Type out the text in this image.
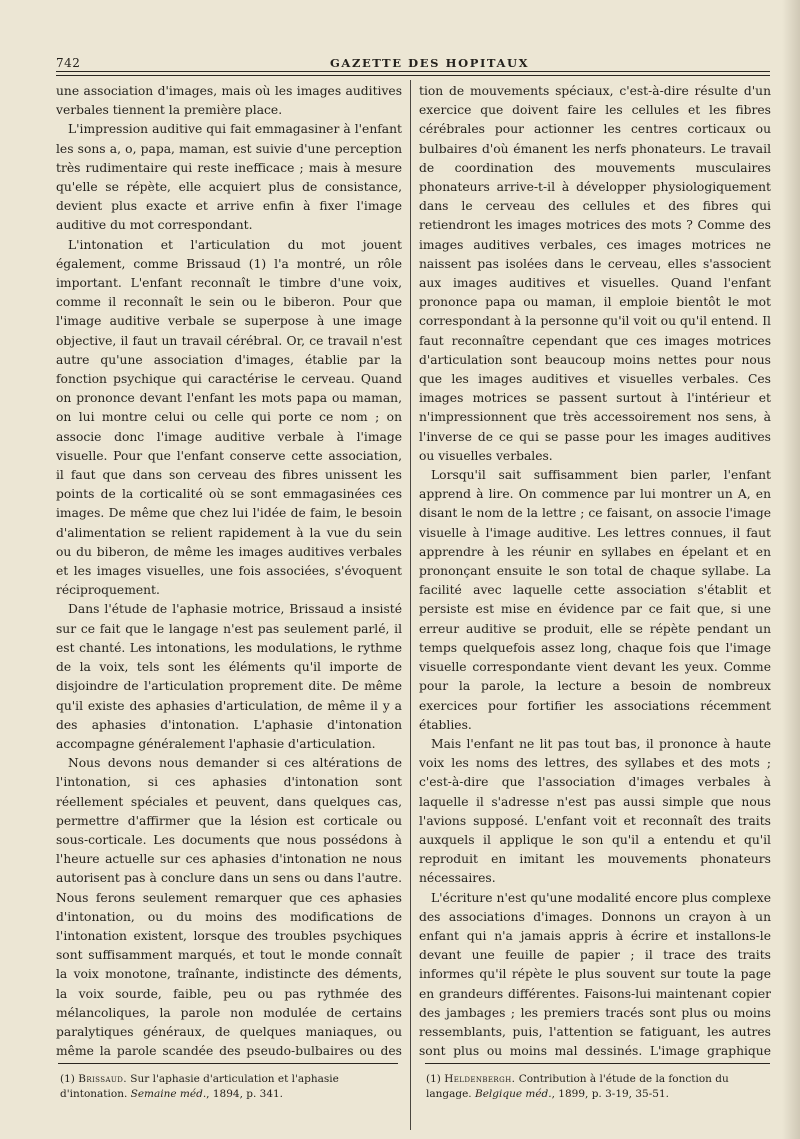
742	GAZETTE DES HOPITAUX

une association d'images, mais où les images auditives verbales tiennent la première place.

L'impression auditive qui fait emmagasiner à l'enfant les sons a, o, papa, maman, est suivie d'une perception très rudimentaire qui reste inefficace ; mais à mesure qu'elle se répète, elle acquiert plus de consistance, devient plus exacte et arrive enfin à fixer l'image auditive du mot correspondant.

L'intonation et l'articulation du mot jouent également, comme Brissaud (1) l'a montré, un rôle important. L'enfant reconnaît le timbre d'une voix, comme il reconnaît le sein ou le biberon. Pour que l'image auditive verbale se superpose à une image objective, il faut un travail cérébral. Or, ce travail n'est autre qu'une association d'images, établie par la fonction psychique qui caractérise le cerveau. Quand on prononce devant l'enfant les mots papa ou maman, on lui montre celui ou celle qui porte ce nom ; on associe donc l'image auditive verbale à l'image visuelle. Pour que l'enfant conserve cette association, il faut que dans son cerveau des fibres unissent les points de la corticalité où se sont emmagasinées ces images. De même que chez lui l'idée de faim, le besoin d'alimentation se relient rapidement à la vue du sein ou du biberon, de même les images auditives verbales et les images visuelles, une fois associées, s'évoquent réciproquement.

Dans l'étude de l'aphasie motrice, Brissaud a insisté sur ce fait que le langage n'est pas seulement parlé, il est chanté. Les intonations, les modulations, le rythme de la voix, tels sont les éléments qu'il importe de disjoindre de l'articulation proprement dite. De même qu'il existe des aphasies d'articulation, de même il y a des aphasies d'intonation. L'aphasie d'intonation accompagne généralement l'aphasie d'articulation.

Nous devons nous demander si ces altérations de l'intonation, si ces aphasies d'intonation sont réellement spéciales et peuvent, dans quelques cas, permettre d'affirmer que la lésion est corticale ou sous-corticale. Les documents que nous possédons à l'heure actuelle sur ces aphasies d'intonation ne nous autorisent pas à conclure dans un sens ou dans l'autre. Nous ferons seulement remarquer que ces aphasies d'intonation, ou du moins des modifications de l'intonation existent, lorsque des troubles psychiques sont suffisamment marqués, et tout le monde connaît la voix monotone, traînante, indistincte des déments, la voix sourde, faible, peu ou pas rythmée des mélancoliques, la parole non modulée de certains paralytiques généraux, de quelques maniaques, ou même la parole scandée des pseudo-bulbaires ou des

tion de mouvements spéciaux, c'est-à-dire résulte d'un exercice que doivent faire les cellules et les fibres cérébrales pour actionner les centres corticaux ou bulbaires d'où émanent les nerfs phonateurs. Le travail de coordination des mouvements musculaires phonateurs arrive-t-il à développer physiologiquement dans le cerveau des cellules et des fibres qui retiendront les images motrices des mots ? Comme des images auditives verbales, ces images motrices ne naissent pas isolées dans le cerveau, elles s'associent aux images auditives et visuelles. Quand l'enfant prononce papa ou maman, il emploie bientôt le mot correspondant à la personne qu'il voit ou qu'il entend. Il faut reconnaître cependant que ces images motrices d'articulation sont beaucoup moins nettes pour nous que les images auditives et visuelles verbales. Ces images motrices se passent surtout à l'intérieur et n'impressionnent que très accessoirement nos sens, à l'inverse de ce qui se passe pour les images auditives ou visuelles verbales.

Lorsqu'il sait suffisamment bien parler, l'enfant apprend à lire. On commence par lui montrer un A, en disant le nom de la lettre ; ce faisant, on associe l'image visuelle à l'image auditive. Les lettres connues, il faut apprendre à les réunir en syllabes en épelant et en prononçant ensuite le son total de chaque syllabe. La facilité avec laquelle cette association s'établit et persiste est mise en évidence par ce fait que, si une erreur auditive se produit, elle se répète pendant un temps quelquefois assez long, chaque fois que l'image visuelle correspondante vient devant les yeux. Comme pour la parole, la lecture a besoin de nombreux exercices pour fortifier les associations récemment établies.

Mais l'enfant ne lit pas tout bas, il prononce à haute voix les noms des lettres, des syllabes et des mots ; c'est-à-dire que l'association d'images verbales à laquelle il s'adresse n'est pas aussi simple que nous l'avions supposé. L'enfant voit et reconnaît des traits auxquels il applique le son qu'il a entendu et qu'il reproduit en imitant les mouvements phonateurs nécessaires.

L'écriture n'est qu'une modalité encore plus complexe des associations d'images. Donnons un crayon à un enfant qui n'a jamais appris à écrire et installons-le devant une feuille de papier ; il trace des traits informes qu'il répète le plus souvent sur toute la page en grandeurs différentes. Faisons-lui maintenant copier des jambages ; les premiers tracés sont plus ou moins ressemblants, puis, l'attention se fatiguant, les autres sont plus ou moins mal dessinés. L'image graphique

(1) Brissaud. Sur l'aphasie d'articulation et l'aphasie d'intonation. Semaine méd., 1894, p. 341.
(1) Heldenbergh. Contribution à l'étude de la fonction du langage. Belgique méd., 1899, p. 3-19, 35-51.
